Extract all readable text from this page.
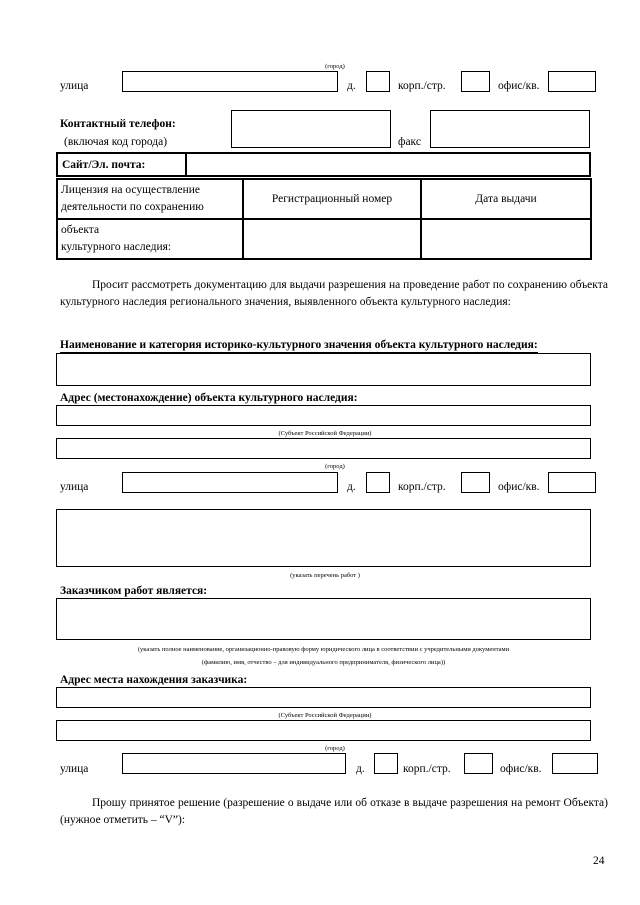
(город)
улица	д.	корп./стр.	офис/кв.
Контактный телефон:
(включая код города)	факс
Сайт/Эл. почта:
Лицензия на осуществление
деятельности по сохранению	Регистрационный номер	Дата выдачи

объекта
культурного наследия:		

Просит рассмотреть документацию для выдачи разрешения на проведение работ по сохранению объекта культурного наследия регионального значения, выявленного объекта культурного наследия:
Наименование и категория историко-культурного значения объекта культурного наследия:
Адрес (местонахождение) объекта культурного наследия:
(Субъект Российской Федерации)
(город)
улица	д.	корп./стр.	офис/кв.
(указать перечень работ )
Заказчиком работ является:
(указать полное наименование, организационно-правовую форму юридического лица в соответствии с учредительными документами
(фамилию, имя, отчество – для индивидуального предпринимателя, физического лица))
Адрес места нахождения заказчика:
(Субъект Российской Федерации)
(город)
улица	д.	корп./стр.	офис/кв.
Прошу принятое решение (разрешение о выдаче или об отказе в выдаче разрешения на ремонт Объекта) (нужное отметить – “V”):
24
